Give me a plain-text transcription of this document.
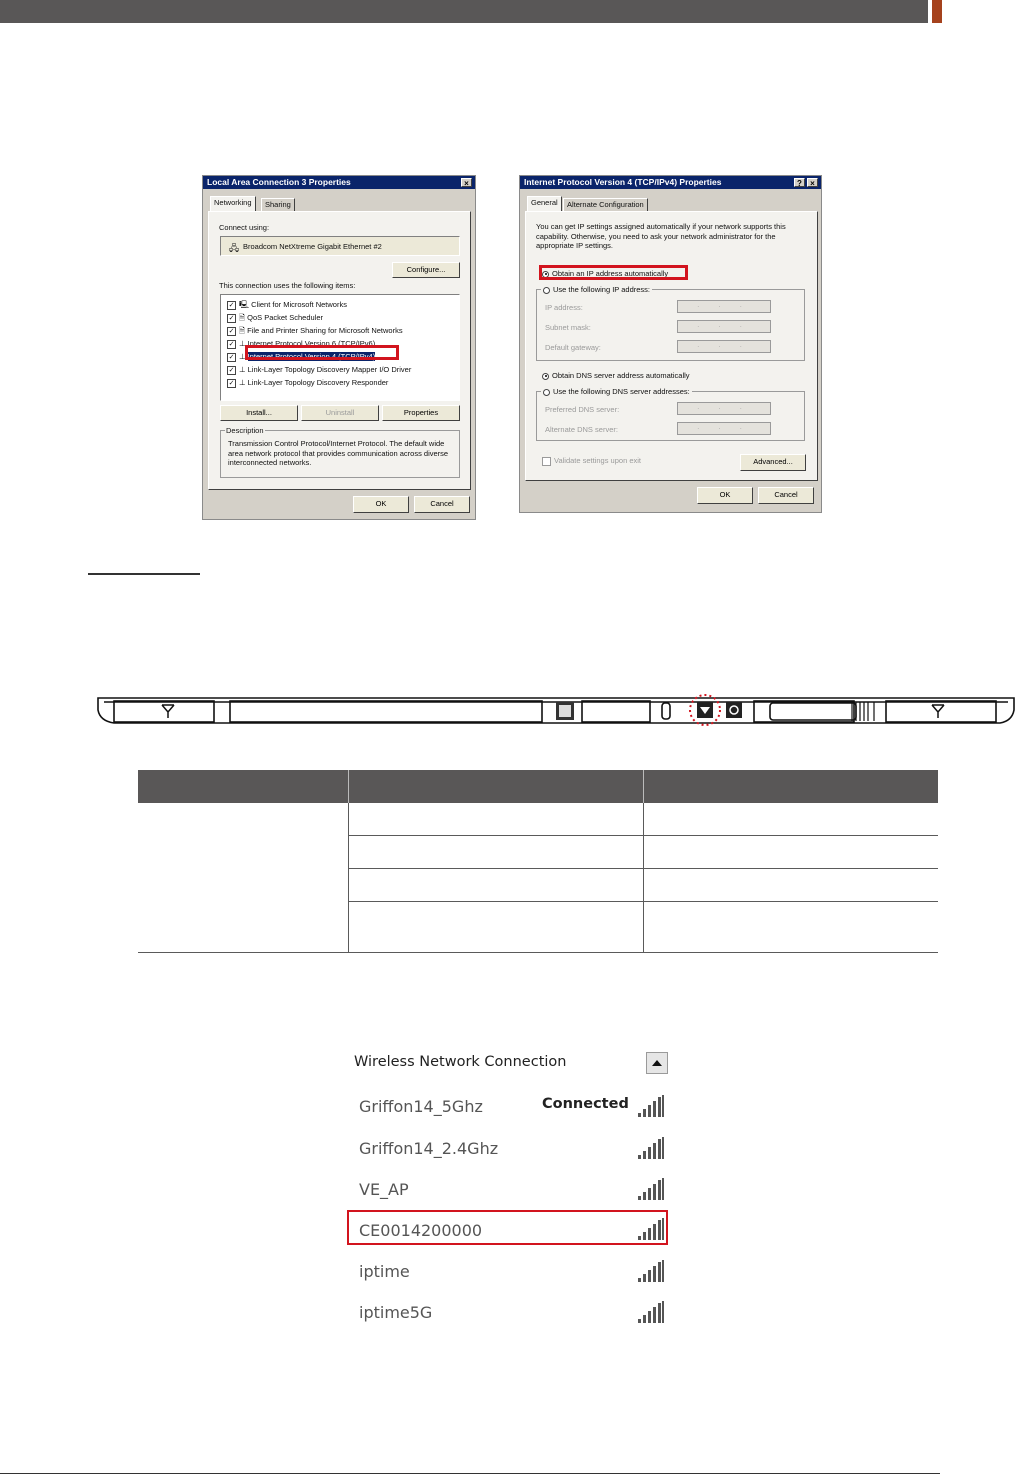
Local Area Connection 3 Properties	×
Networking	Sharing
Connect using:
🖧 Broadcom NetXtreme Gigabit Ethernet #2
Configure...
This connection uses the following items:
✓ 🖳 Client for Microsoft Networks
✓ 🗎 QoS Packet Scheduler
✓ 🗎 File and Printer Sharing for Microsoft Networks
✓ ⊥ Internet Protocol Version 6 (TCP/IPv6)
✓ ⊥ Internet Protocol Version 4 (TCP/IPv4)
✓ ⊥ Link-Layer Topology Discovery Mapper I/O Driver
✓ ⊥ Link-Layer Topology Discovery Responder
Install...	Uninstall	Properties
Description
Transmission Control Protocol/Internet Protocol. The default wide area network protocol that provides communication across diverse interconnected networks.
OK	Cancel
Internet Protocol Version 4 (TCP/IPv4) Properties	?	×
General	Alternate Configuration
You can get IP settings assigned automatically if your network supports this capability. Otherwise, you need to ask your network administrator for the appropriate IP settings.
Obtain an IP address automatically
Use the following IP address:
IP address:	. . .
Subnet mask:	. . .
Default gateway:	. . .
Obtain DNS server address automatically
Use the following DNS server addresses:
Preferred DNS server:	. . .
Alternate DNS server:	. . .
Validate settings upon exit	Advanced...
OK	Cancel

Wireless Network Connection
Griffon14_5Ghz	Connected
Griffon14_2.4Ghz
VE_AP
CE0014200000
iptime
iptime5G
